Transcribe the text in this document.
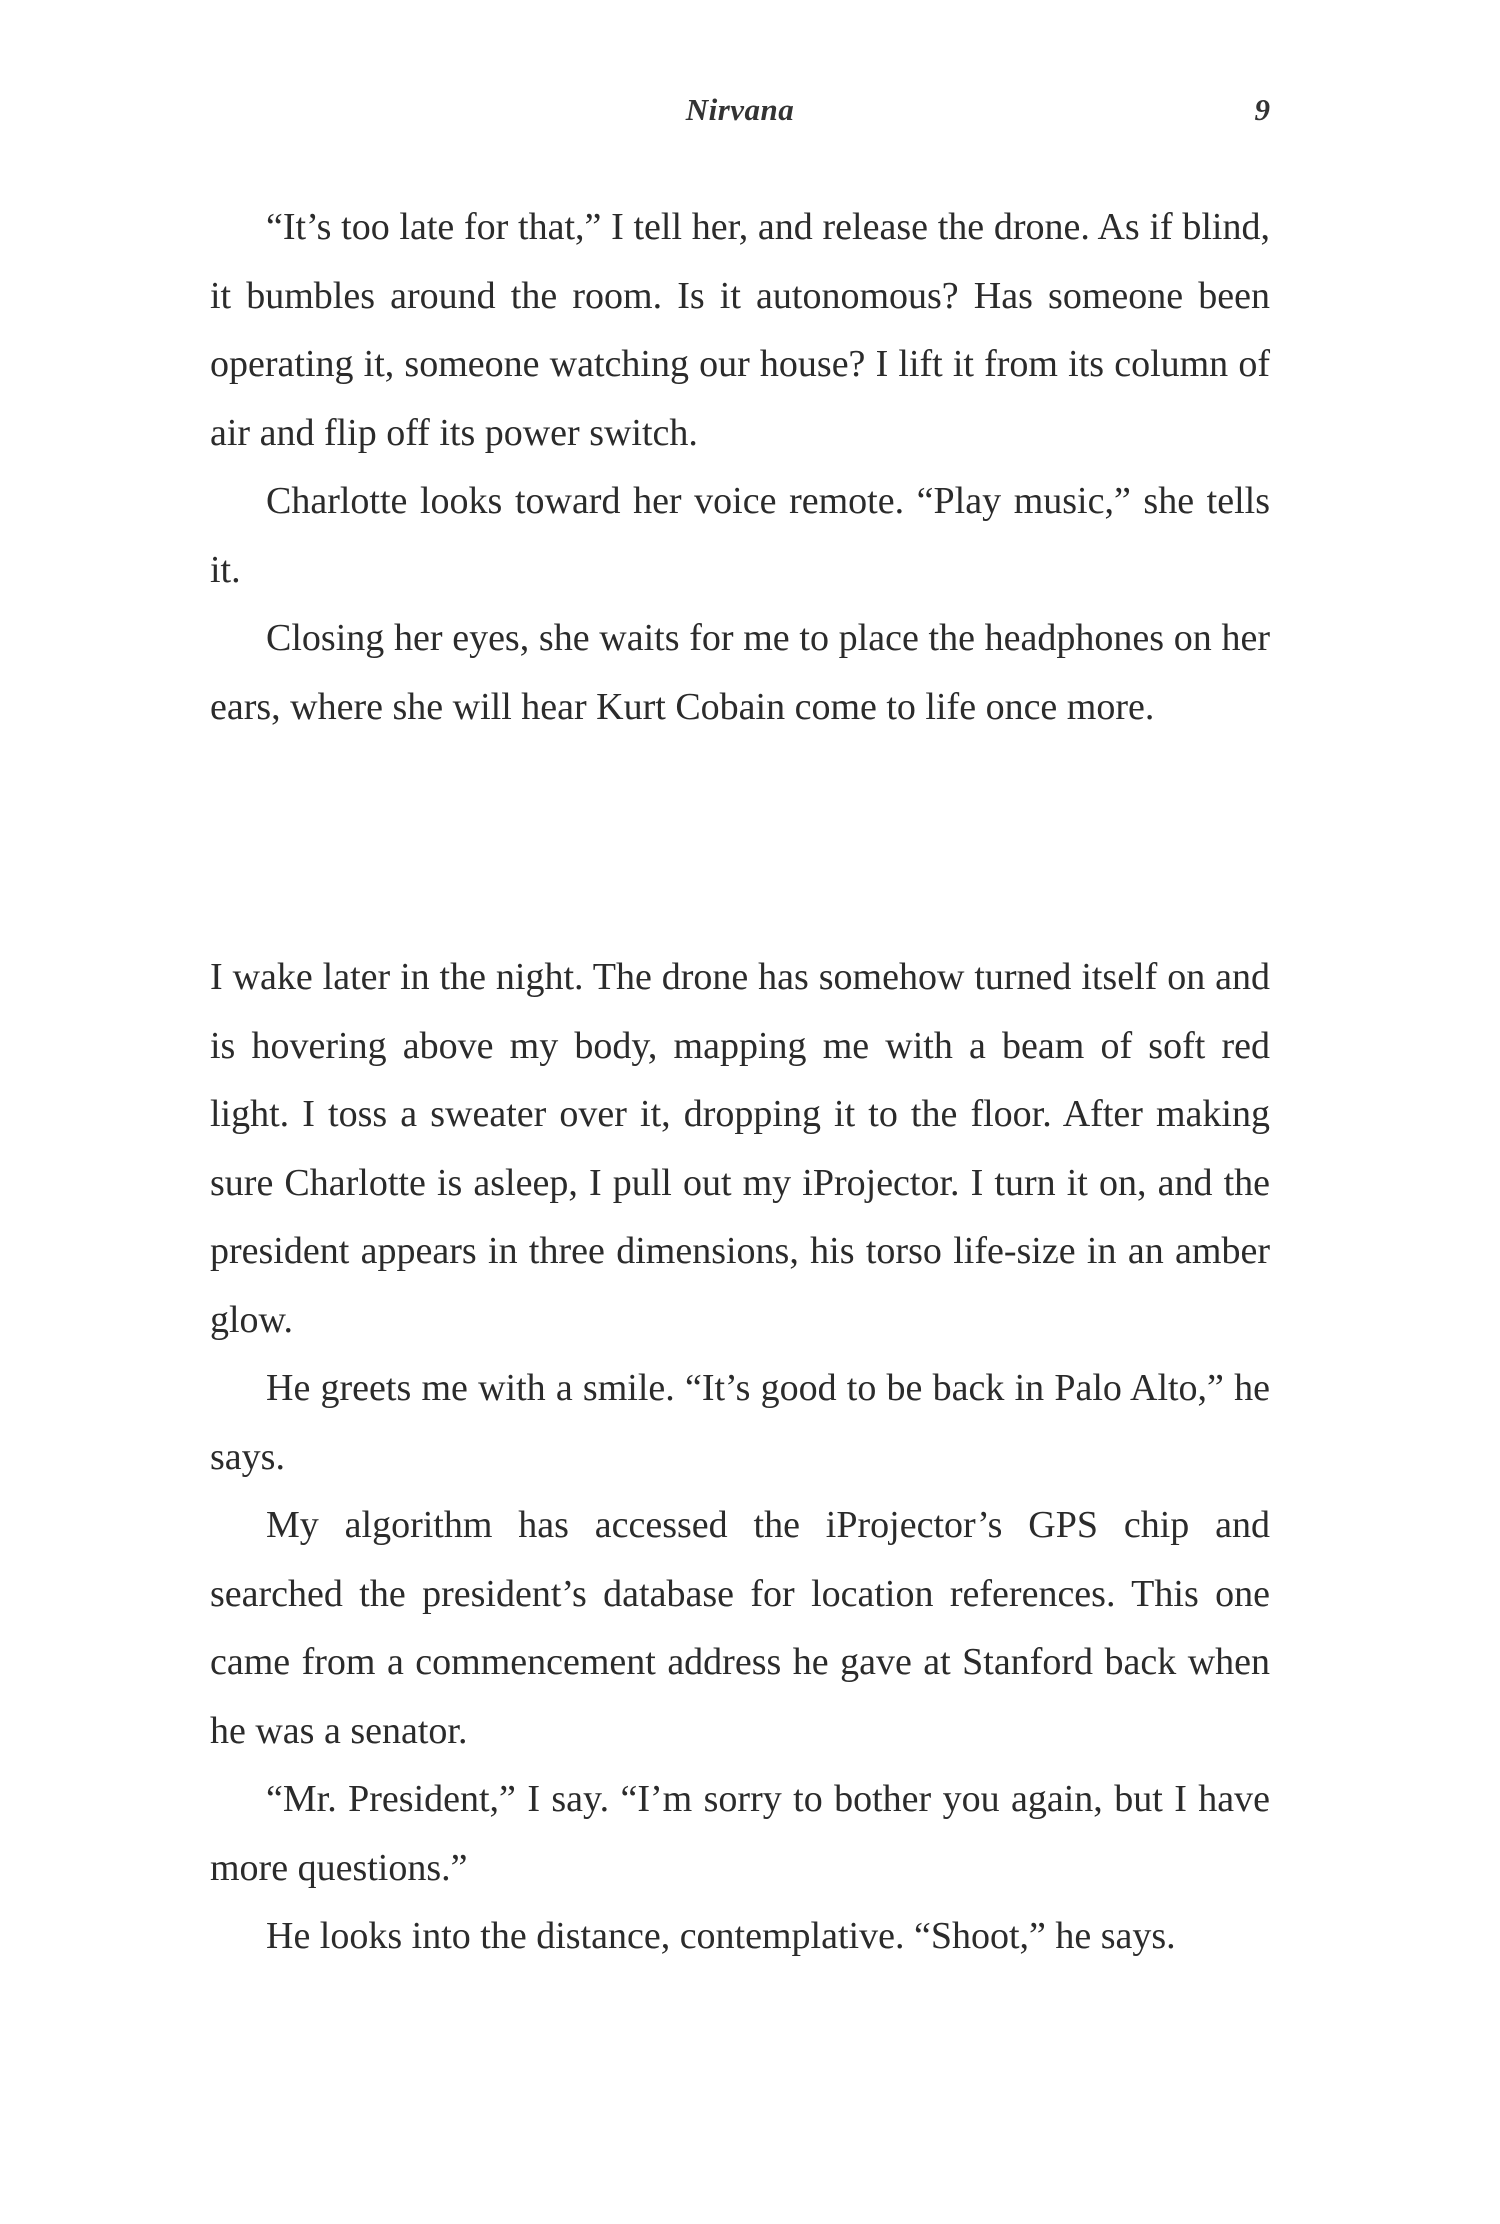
Nirvana	9

“It’s too late for that,” I tell her, and release the drone. As if blind, it bumbles around the room. Is it autonomous? Has someone been operating it, someone watching our house? I lift it from its column of air and flip off its power switch.

Charlotte looks toward her voice remote. “Play music,” she tells it.

Closing her eyes, she waits for me to place the headphones on her ears, where she will hear Kurt Cobain come to life once more.

I wake later in the night. The drone has somehow turned itself on and is hovering above my body, mapping me with a beam of soft red light. I toss a sweater over it, dropping it to the floor. After making sure Charlotte is asleep, I pull out my iProjector. I turn it on, and the president appears in three dimensions, his torso life-size in an amber glow.

He greets me with a smile. “It’s good to be back in Palo Alto,” he says.

My algorithm has accessed the iProjector’s GPS chip and searched the president’s database for location references. This one came from a commencement address he gave at Stanford back when he was a senator.

“Mr. President,” I say. “I’m sorry to bother you again, but I have more questions.”

He looks into the distance, contemplative. “Shoot,” he says.
